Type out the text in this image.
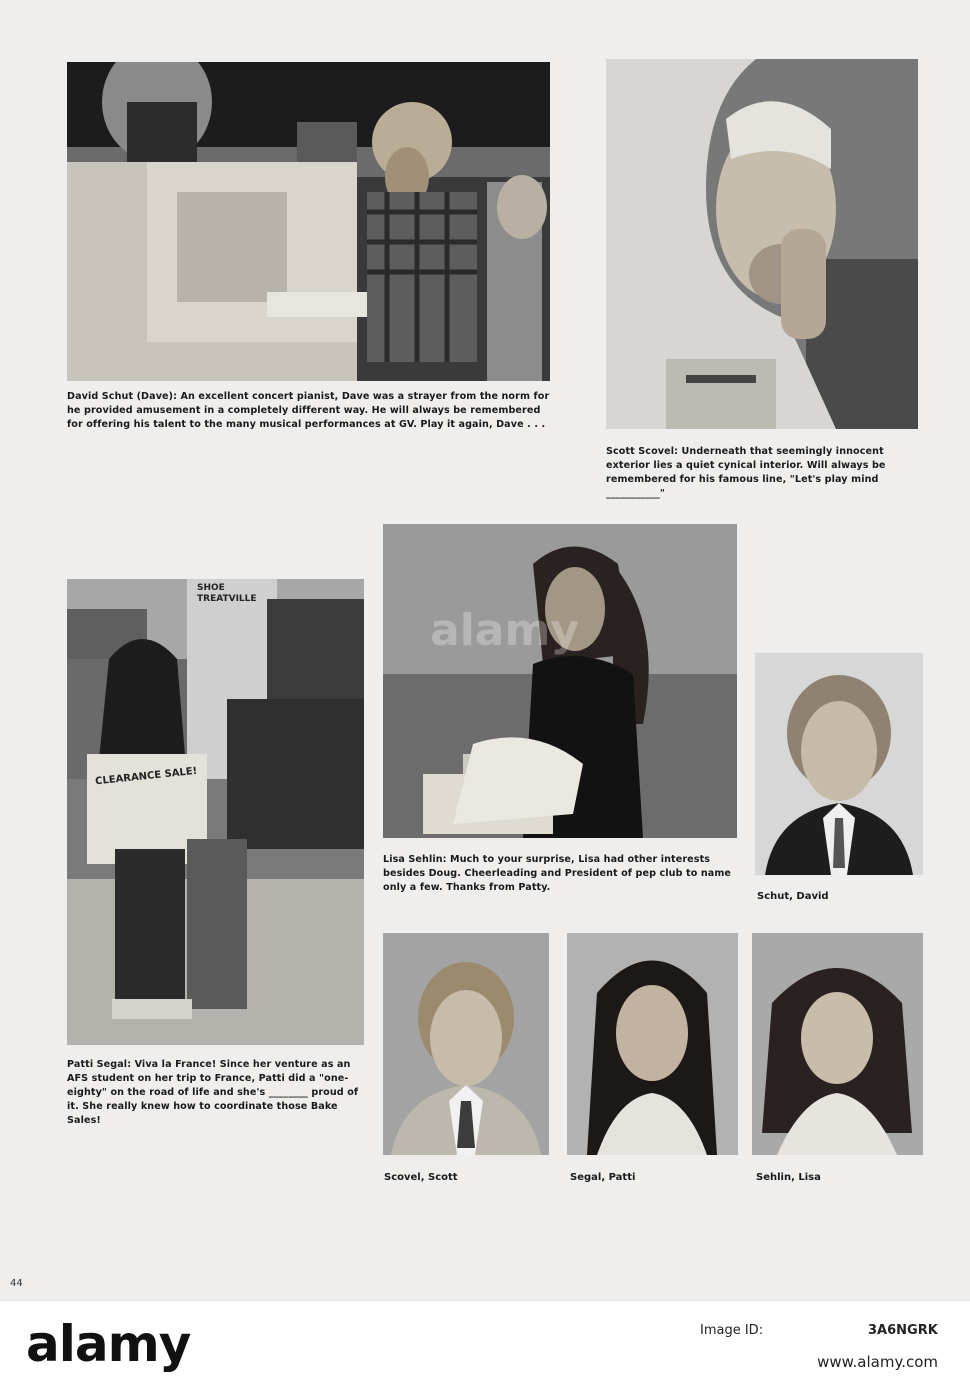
David Schut (Dave): An excellent concert pianist, Dave was a strayer from the norm for he provided amusement in a completely different way. He will always be remembered for offering his talent to the many musical performances at GV. Play it again, Dave . . .

Scott Scovel: Underneath that seemingly innocent exterior lies a quiet cynical interior. Will always be remembered for his famous line, "Let's play mind ___________"

CLEARANCE SALE!
SHOE TREATVILLE

Patti Segal: Viva la France! Since her venture as an AFS student on her trip to France, Patti did a "one-eighty" on the road of life and she's ________ proud of it. She really knew how to coordinate those Bake Sales!

Lisa Sehlin: Much to your surprise, Lisa had other interests besides Doug. Cheerleading and President of pep club to name only a few. Thanks from Patty.

Schut, David

Scovel, Scott	Segal, Patti	Sehlin, Lisa

44
alamy
alamy	Image ID:	3A6NGRK
www.alamy.com
